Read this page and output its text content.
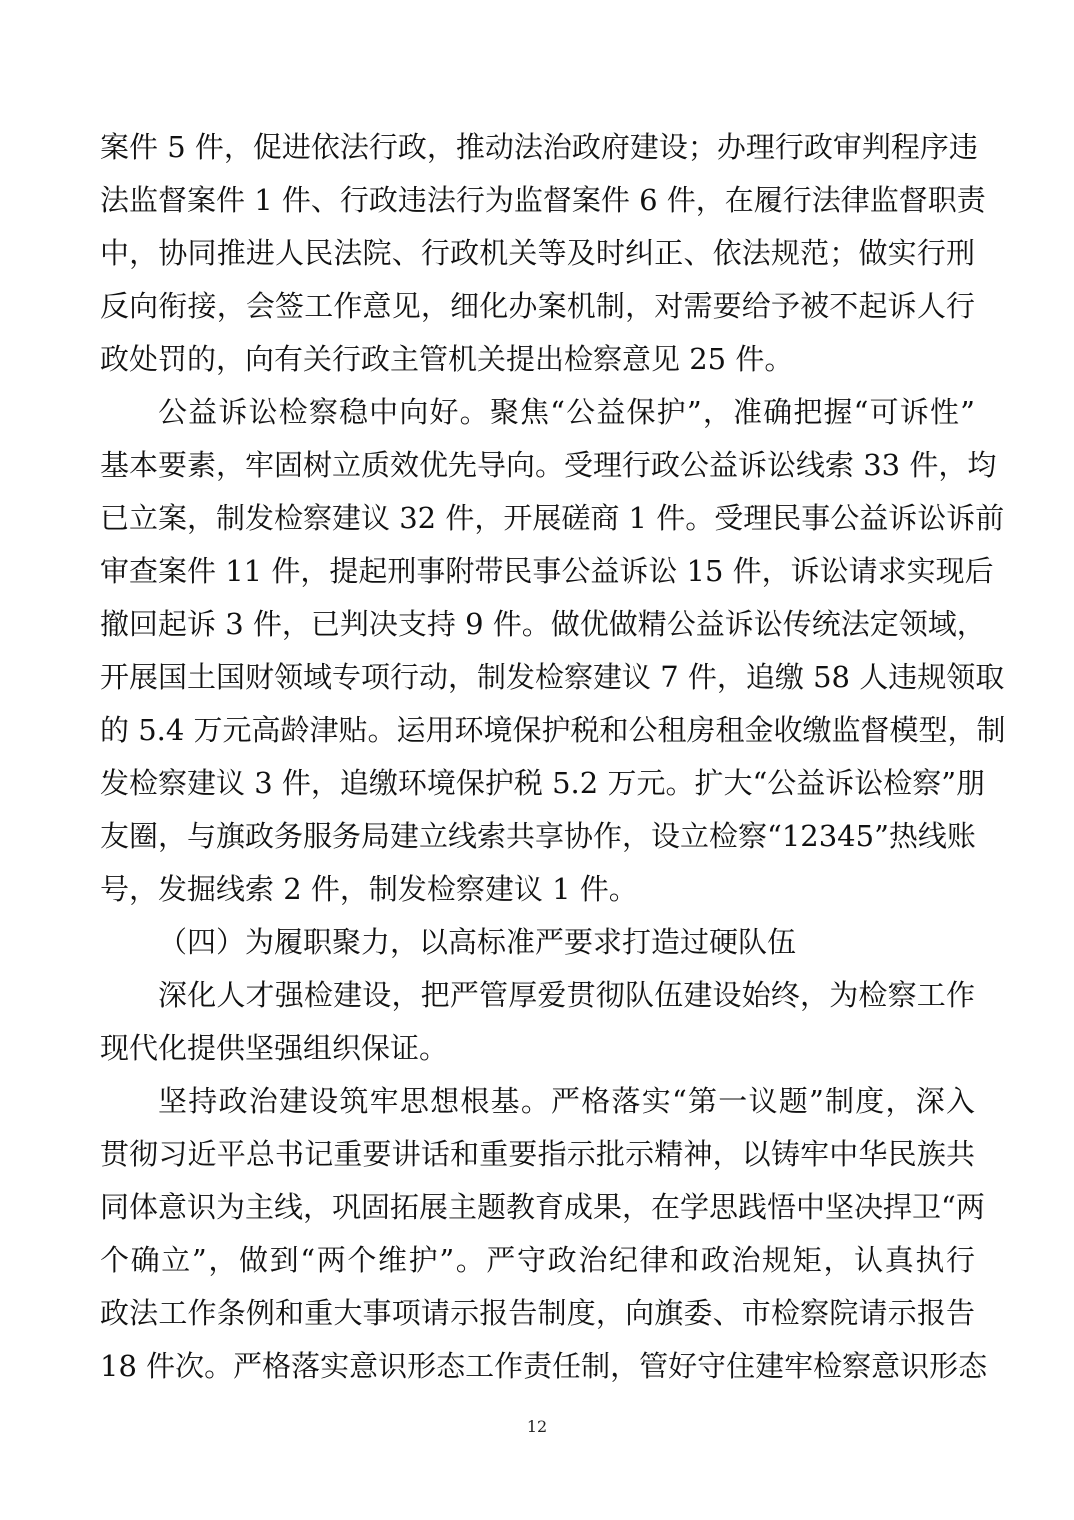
案件 5 件，促进依法行政，推动法治政府建设；办理行政审判程序违
法监督案件 1 件、行政违法行为监督案件 6 件，在履行法律监督职责
中，协同推进人民法院、行政机关等及时纠正、依法规范；做实行刑
反向衔接，会签工作意见，细化办案机制，对需要给予被不起诉人行
政处罚的，向有关行政主管机关提出检察意见 25 件。
公益诉讼检察稳中向好。聚焦“公益保护”，准确把握“可诉性”
基本要素，牢固树立质效优先导向。受理行政公益诉讼线索 33 件，均
已立案，制发检察建议 32 件，开展磋商 1 件。受理民事公益诉讼诉前
审查案件 11 件，提起刑事附带民事公益诉讼 15 件，诉讼请求实现后
撤回起诉 3 件，已判决支持 9 件。做优做精公益诉讼传统法定领域，
开展国土国财领域专项行动，制发检察建议 7 件，追缴 58 人违规领取
的 5.4 万元高龄津贴。运用环境保护税和公租房租金收缴监督模型，制
发检察建议 3 件，追缴环境保护税 5.2 万元。扩大“公益诉讼检察”朋
友圈，与旗政务服务局建立线索共享协作，设立检察“12345”热线账
号，发掘线索 2 件，制发检察建议 1 件。
（四）为履职聚力，以高标准严要求打造过硬队伍
深化人才强检建设，把严管厚爱贯彻队伍建设始终，为检察工作
现代化提供坚强组织保证。
坚持政治建设筑牢思想根基。严格落实“第一议题”制度，深入
贯彻习近平总书记重要讲话和重要指示批示精神，以铸牢中华民族共
同体意识为主线，巩固拓展主题教育成果，在学思践悟中坚决捍卫“两
个确立”，做到“两个维护”。严守政治纪律和政治规矩，认真执行
政法工作条例和重大事项请示报告制度，向旗委、市检察院请示报告
18 件次。严格落实意识形态工作责任制，管好守住建牢检察意识形态
12
